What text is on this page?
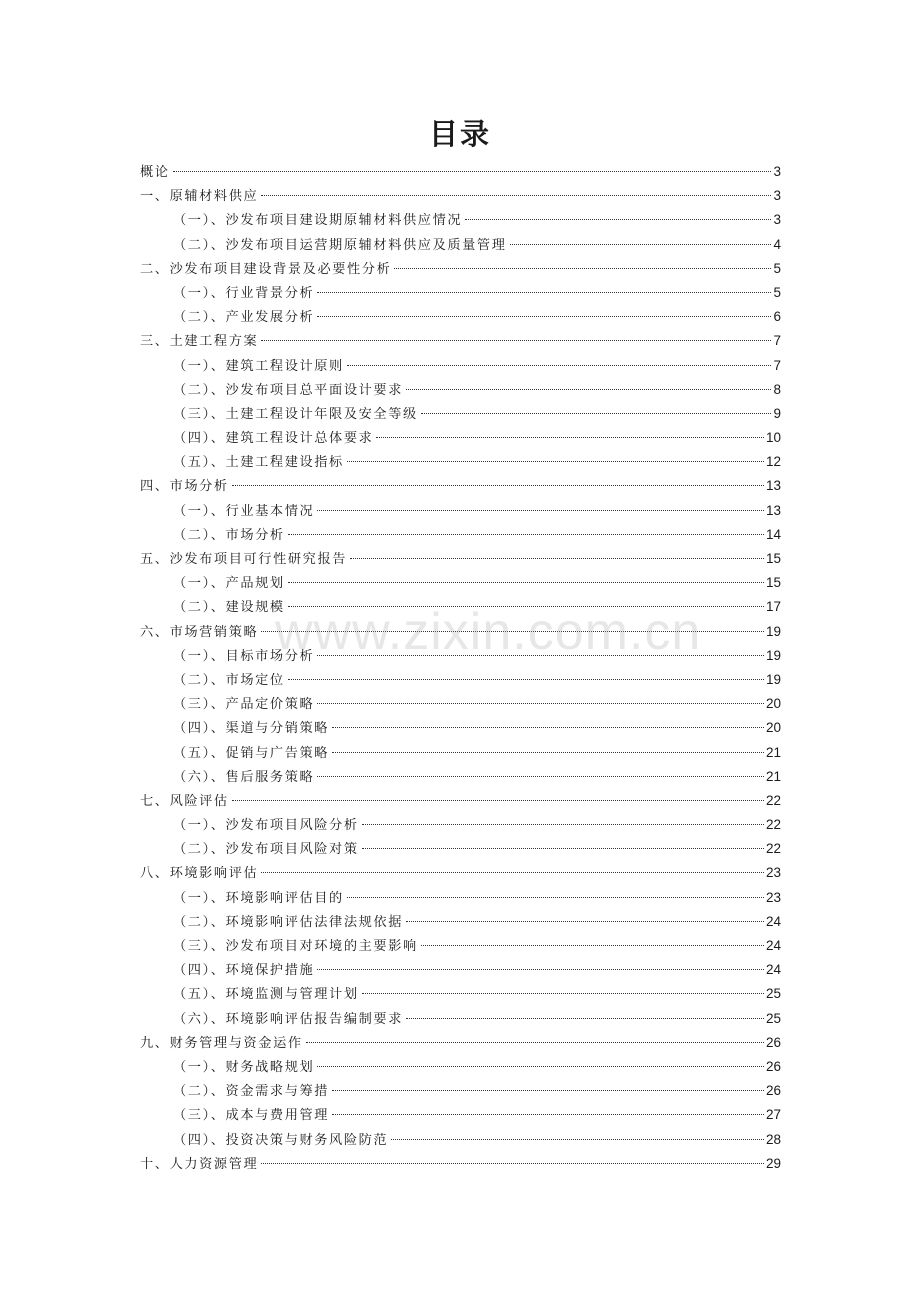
目录
概论	3
一、原辅材料供应	3
（一）、沙发布项目建设期原辅材料供应情况	3
（二）、沙发布项目运营期原辅材料供应及质量管理	4
二、沙发布项目建设背景及必要性分析	5
（一）、行业背景分析	5
（二）、产业发展分析	6
三、土建工程方案	7
（一）、建筑工程设计原则	7
（二）、沙发布项目总平面设计要求	8
（三）、土建工程设计年限及安全等级	9
（四）、建筑工程设计总体要求	10
（五）、土建工程建设指标	12
四、市场分析	13
（一）、行业基本情况	13
（二）、市场分析	14
五、沙发布项目可行性研究报告	15
（一）、产品规划	15
（二）、建设规模	17
六、市场营销策略	19
（一）、目标市场分析	19
（二）、市场定位	19
（三）、产品定价策略	20
（四）、渠道与分销策略	20
（五）、促销与广告策略	21
（六）、售后服务策略	21
七、风险评估	22
（一）、沙发布项目风险分析	22
（二）、沙发布项目风险对策	22
八、环境影响评估	23
（一）、环境影响评估目的	23
（二）、环境影响评估法律法规依据	24
（三）、沙发布项目对环境的主要影响	24
（四）、环境保护措施	24
（五）、环境监测与管理计划	25
（六）、环境影响评估报告编制要求	25
九、财务管理与资金运作	26
（一）、财务战略规划	26
（二）、资金需求与筹措	26
（三）、成本与费用管理	27
（四）、投资决策与财务风险防范	28
十、人力资源管理	29
www.zixin.com.cn
